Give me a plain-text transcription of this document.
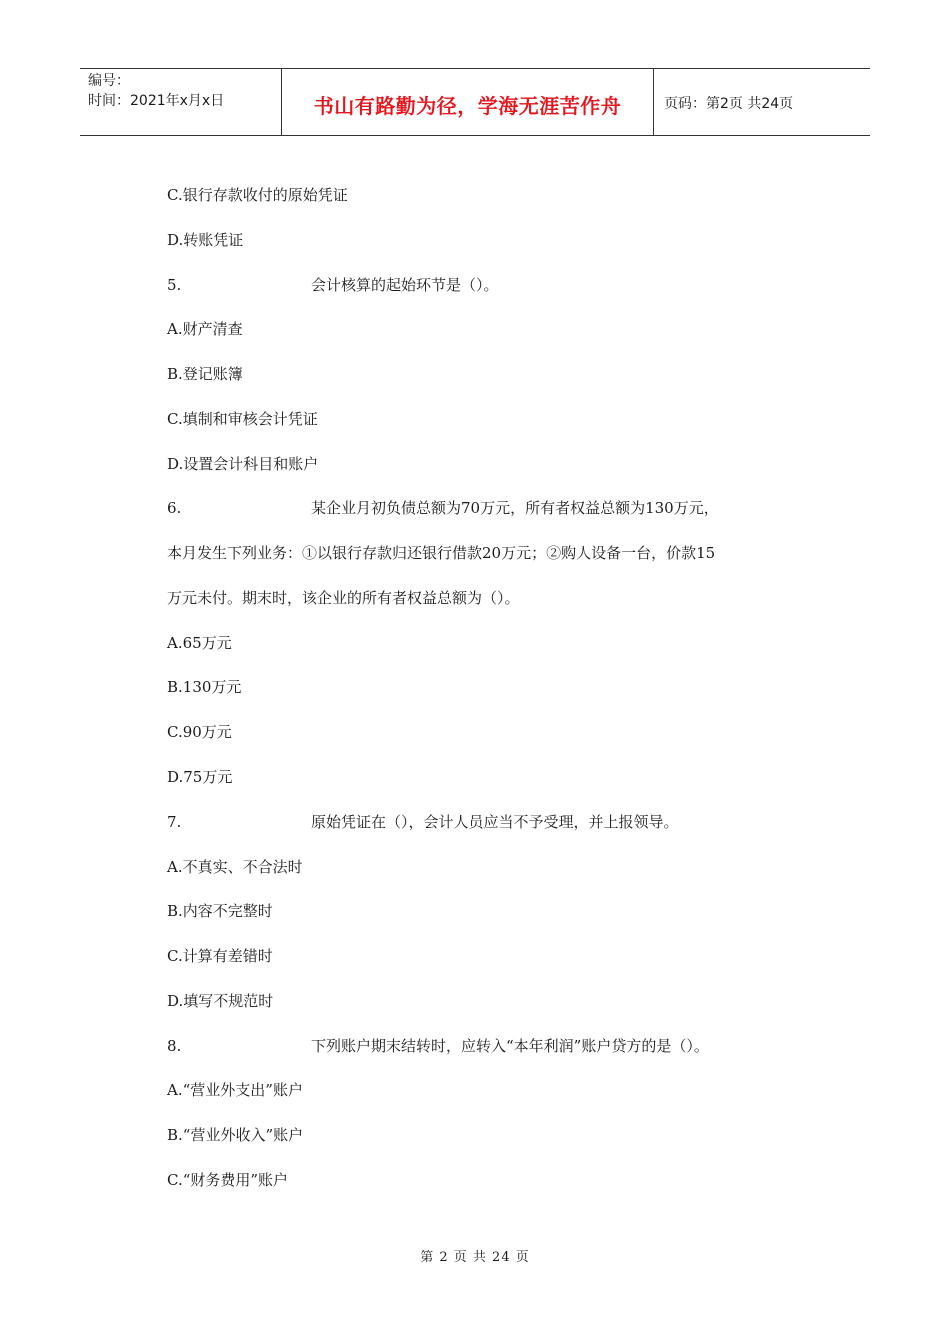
编号：
时间：2021年x月x日	书山有路勤为径，学海无涯苦作舟	页码：第2页 共24页
C.银行存款收付的原始凭证
D.转账凭证
5.	会计核算的起始环节是（）。
A.财产清查
B.登记账簿
C.填制和审核会计凭证
D.设置会计科目和账户
6.	某企业月初负债总额为70万元，所有者权益总额为130万元，
本月发生下列业务：①以银行存款归还银行借款20万元；②购人设备一台，价款15
万元未付。期末时，该企业的所有者权益总额为（）。
A.65万元
B.130万元
C.90万元
D.75万元
7.	原始凭证在（），会计人员应当不予受理，并上报领导。
A.不真实、不合法时
B.内容不完整时
C.计算有差错时
D.填写不规范时
8.	下列账户期末结转时，应转入“本年利润”账户贷方的是（）。
A.“营业外支出”账户
B.“营业外收入”账户
C.“财务费用”账户
第 2 页 共 24 页
